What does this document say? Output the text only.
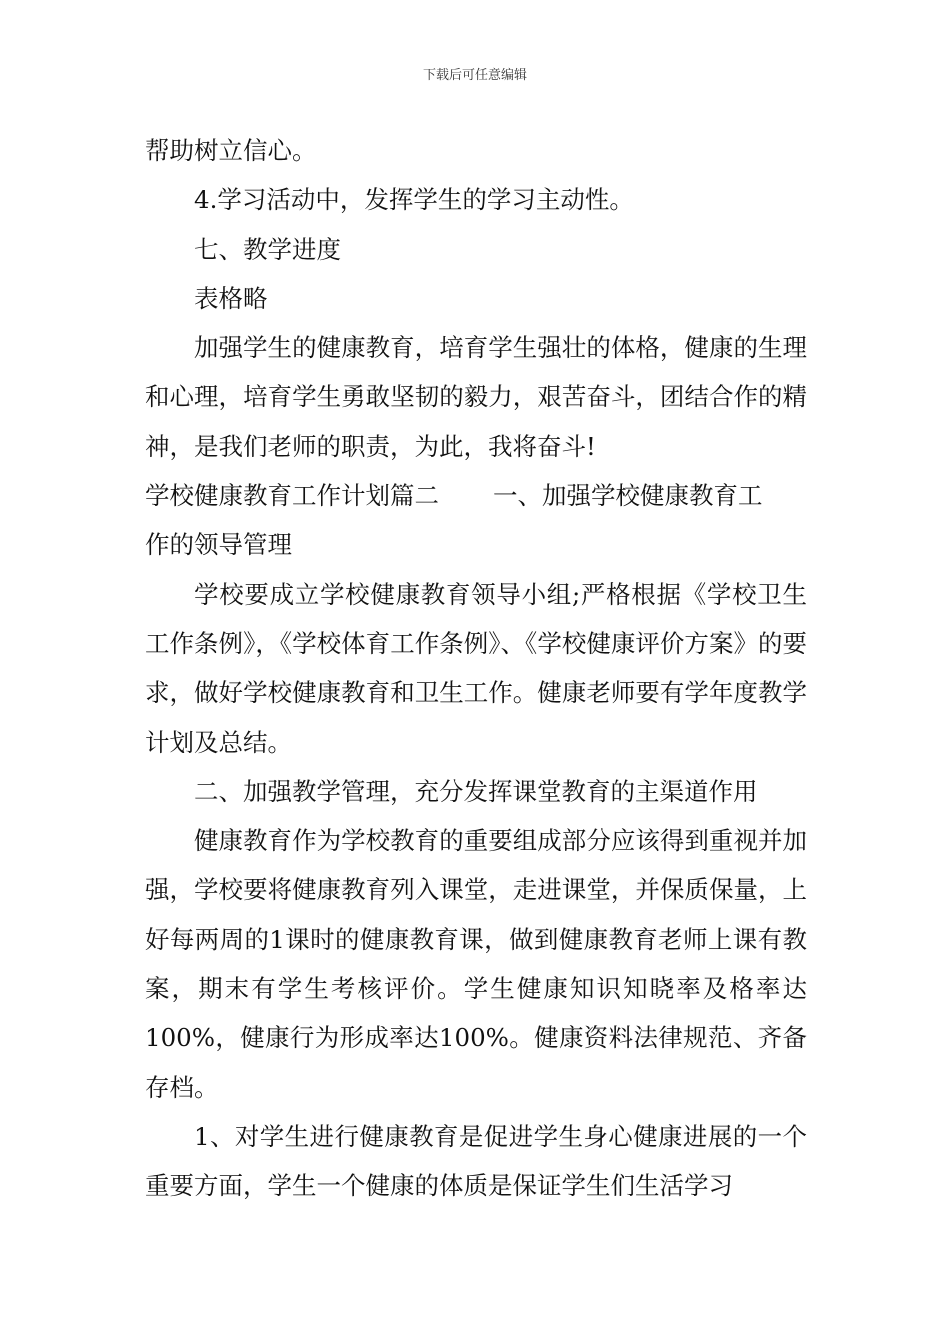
下载后可任意编辑

帮助树立信心。

4.学习活动中，发挥学生的学习主动性。

七、教学进度

表格略

加强学生的健康教育，培育学生强壮的体格，健康的生理和心理，培育学生勇敢坚韧的毅力，艰苦奋斗，团结合作的精神，是我们老师的职责，为此，我将奋斗!

学校健康教育工作计划篇二 一、加强学校健康教育工

作的领导管理

学校要成立学校健康教育领导小组;严格根据《学校卫生工作条例》，《学校体育工作条例》、《学校健康评价方案》的要求，做好学校健康教育和卫生工作。健康老师要有学年度教学计划及总结。

二、加强教学管理，充分发挥课堂教育的主渠道作用

健康教育作为学校教育的重要组成部分应该得到重视并加强，学校要将健康教育列入课堂，走进课堂，并保质保量，上好每两周的1课时的健康教育课，做到健康教育老师上课有教案，期末有学生考核评价。学生健康知识知晓率及格率达100%，健康行为形成率达100%。健康资料法律规范、齐备存档。

1、对学生进行健康教育是促进学生身心健康进展的一个重要方面，学生一个健康的体质是保证学生们生活学习
